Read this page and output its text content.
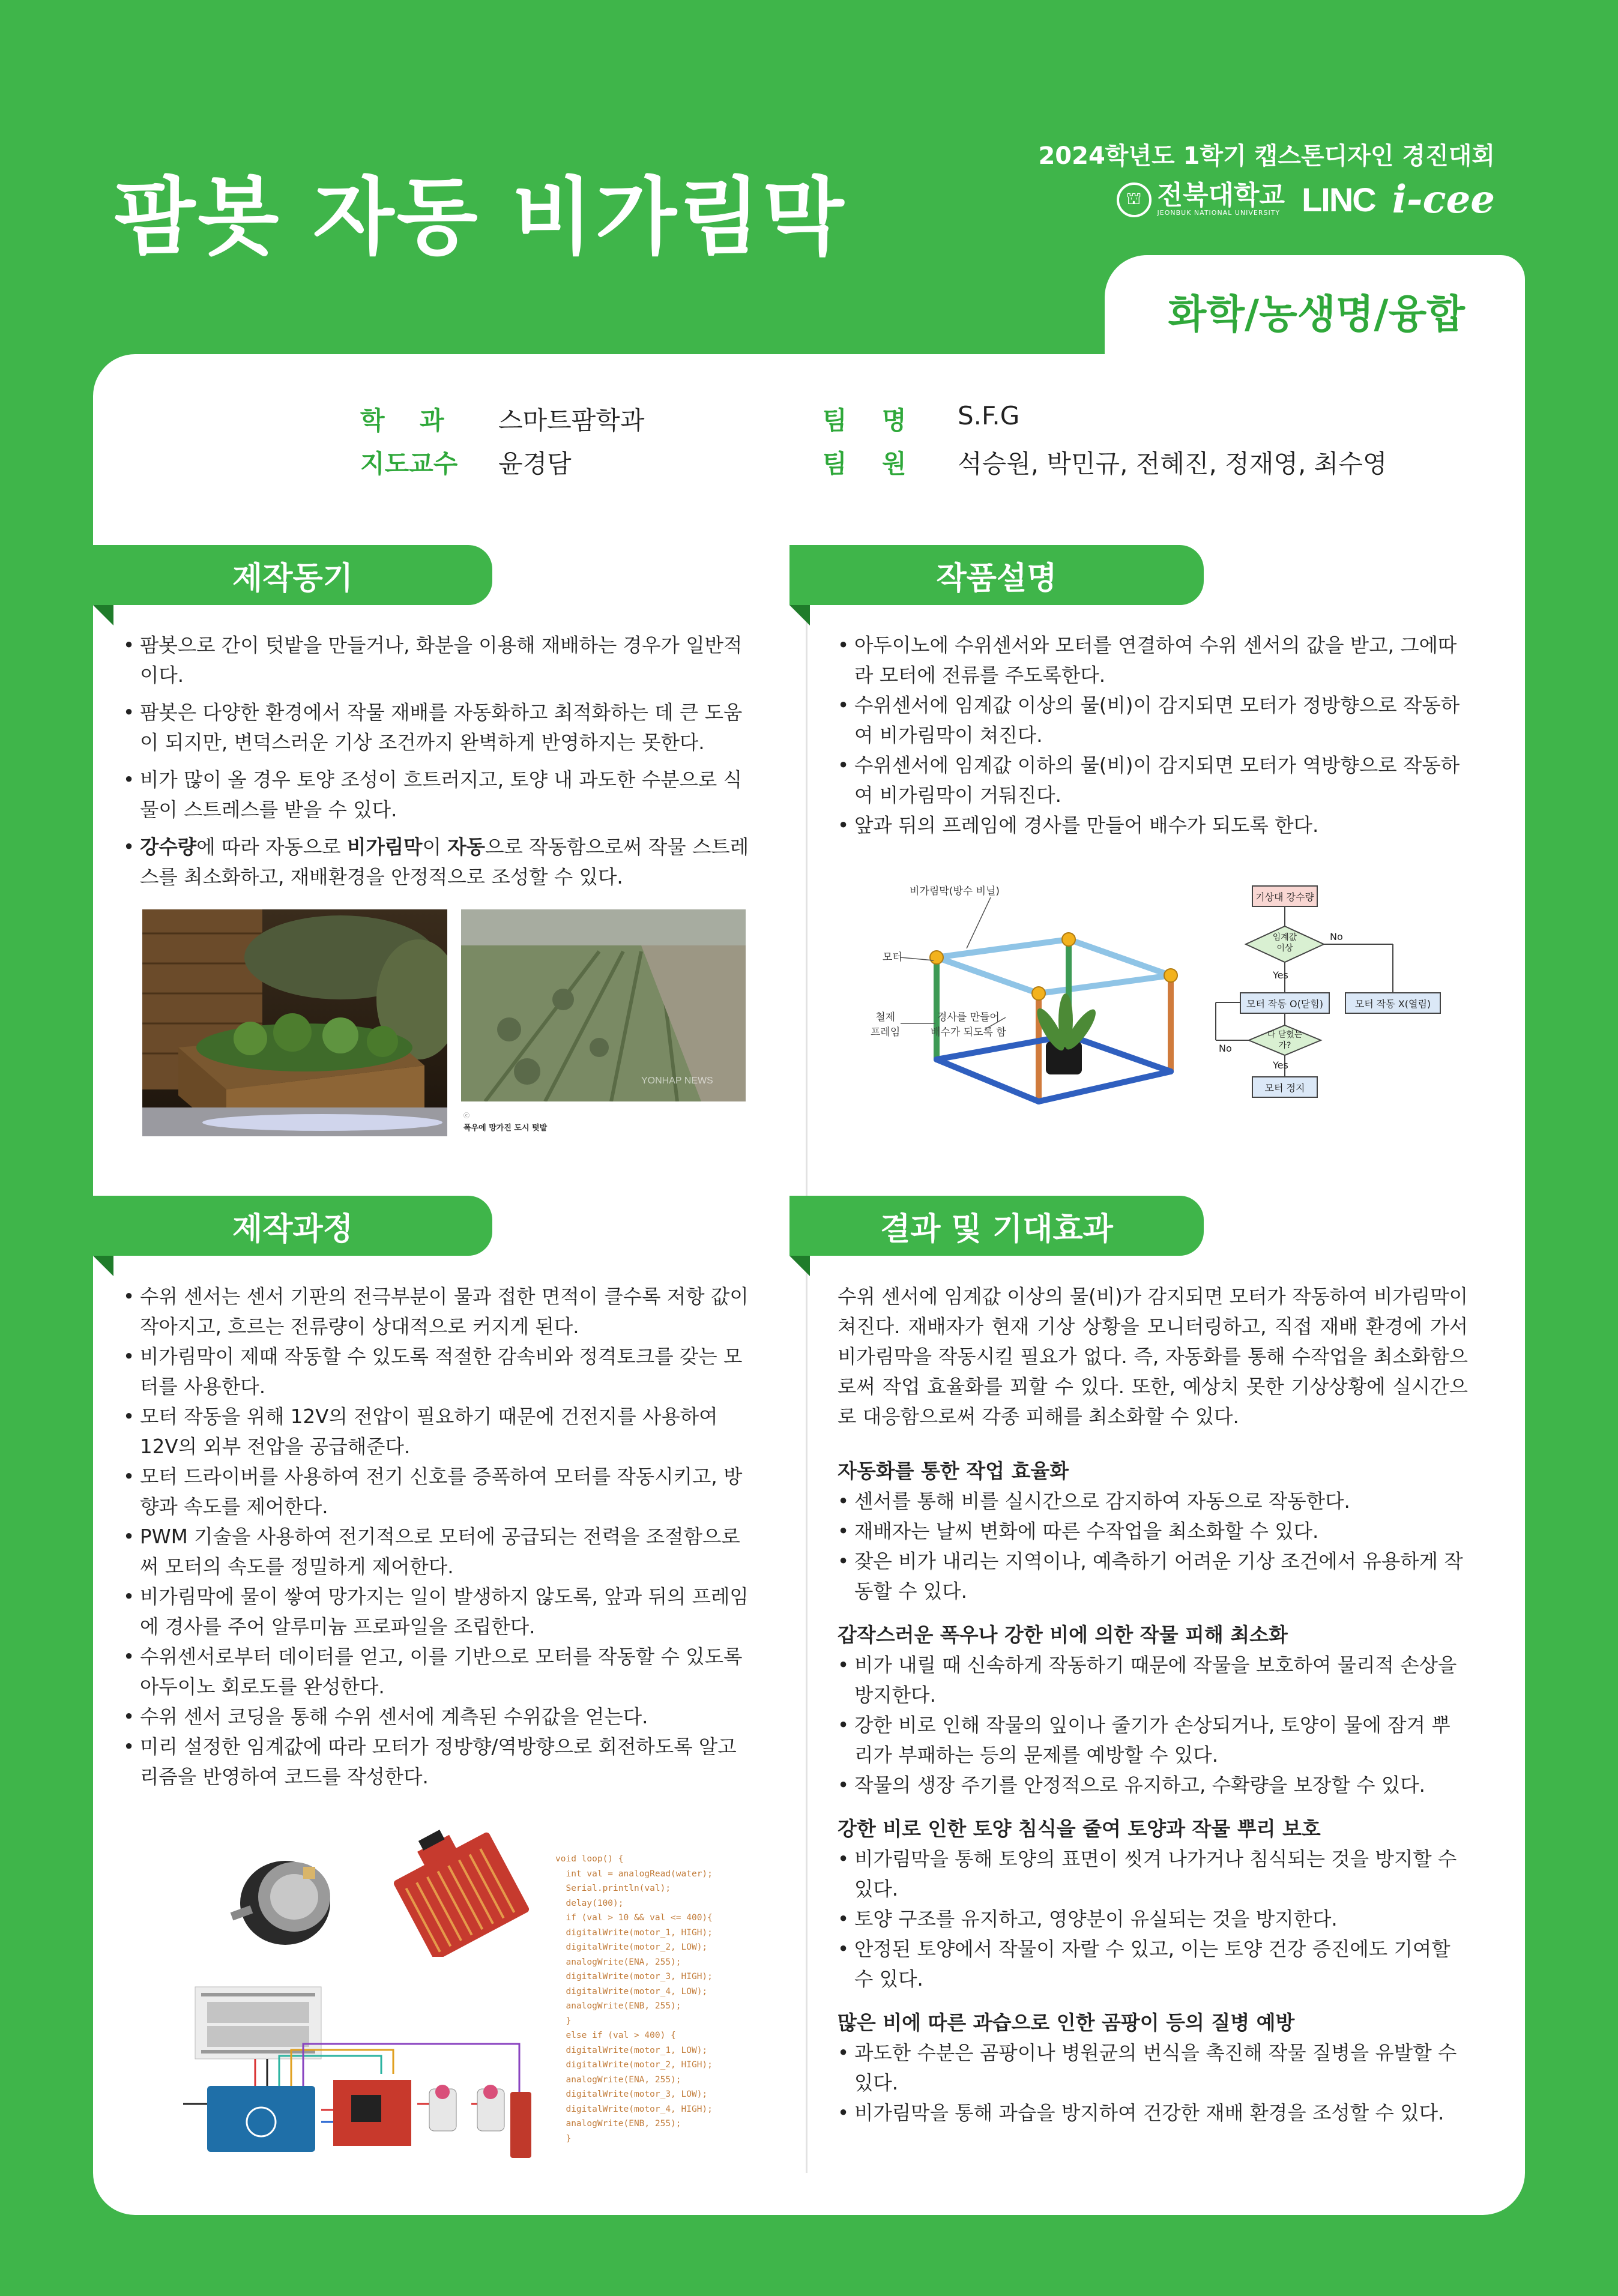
팜봇 자동 비가림막
2024학년도 1학기 캡스톤디자인 경진대회
⛫ 전북대학교
JEONBUK NATIONAL UNIVERSITY LINC i-cee
화학/농생명/융합
학    과	스마트팜학과
지도교수 윤경담
팀    명 S.F.G
팀    원 석승원, 박민규, 전혜진, 정재영, 최수영
제작동기
• 팜봇으로 간이 텃밭을 만들거나, 화분을 이용해 재배하는 경우가 일반적이다.
• 팜봇은 다양한 환경에서 작물 재배를 자동화하고 최적화하는 데 큰 도움이 되지만, 변덕스러운 기상 조건까지 완벽하게 반영하지는 못한다.
• 비가 많이 올 경우 토양 조성이 흐트러지고, 토양 내 과도한 수분으로 식물이 스트레스를 받을 수 있다.
• 강수량에 따라 자동으로 비가림막이 자동으로 작동함으로써 작물 스트레스를 최소화하고, 재배환경을 안정적으로 조성할 수 있다.
YONHAP NEWS
ⓒ
폭우에 망가진 도시 텃밭
작품설명
• 아두이노에 수위센서와 모터를 연결하여 수위 센서의 값을 받고, 그에따라 모터에 전류를 주도록한다.
• 수위센서에 임계값 이상의 물(비)이 감지되면 모터가 정방향으로 작동하여 비가림막이 쳐진다.
• 수위센서에 임계값 이하의 물(비)이 감지되면 모터가 역방향으로 작동하여 비가림막이 거둬진다.
• 앞과 뒤의 프레임에 경사를 만들어 배수가 되도록 한다.
비가림막(방수 비닐)
모터
철제
프레임
경사를 만들어
배수가 되도록 함
기상대 강수량
임계값
이상
No
Yes
모터 작동 O(닫힘)	모터 작동 X(열림)
다 닫혔는
가?
No
Yes
모터 정지
제작과정
• 수위 센서는 센서 기판의 전극부분이 물과 접한 면적이 클수록 저항 값이 작아지고, 흐르는 전류량이 상대적으로 커지게 된다.
• 비가림막이 제때 작동할 수 있도록 적절한 감속비와 정격토크를 갖는 모터를 사용한다.
• 모터 작동을 위해 12V의 전압이 필요하기 때문에 건전지를 사용하여 12V의 외부 전압을 공급해준다.
• 모터 드라이버를 사용하여 전기 신호를 증폭하여 모터를 작동시키고, 방향과 속도를 제어한다.
• PWM 기술을 사용하여 전기적으로 모터에 공급되는 전력을 조절함으로써 모터의 속도를 정밀하게 제어한다.
• 비가림막에 물이 쌓여 망가지는 일이 발생하지 않도록, 앞과 뒤의 프레임에 경사를 주어 알루미늄 프로파일을 조립한다.
• 수위센서로부터 데이터를 얻고, 이를 기반으로 모터를 작동할 수 있도록 아두이노 회로도를 완성한다.
• 수위 센서 코딩을 통해 수위 센서에 계측된 수위값을 얻는다.
• 미리 설정한 임계값에 따라 모터가 정방향/역방향으로 회전하도록 알고리즘을 반영하여 코드를 작성한다.
void loop() {
int val = analogRead(water);
Serial.println(val);
delay(100);
if (val > 10 && val <= 400){
digitalWrite(motor_1, HIGH);
digitalWrite(motor_2, LOW);
analogWrite(ENA, 255);
digitalWrite(motor_3, HIGH);
digitalWrite(motor_4, LOW);
analogWrite(ENB, 255);
}
else if (val > 400) {
digitalWrite(motor_1, LOW);
digitalWrite(motor_2, HIGH);
analogWrite(ENA, 255);
digitalWrite(motor_3, LOW);
digitalWrite(motor_4, HIGH);
analogWrite(ENB, 255);
}
결과 및 기대효과
수위 센서에 임계값 이상의 물(비)가 감지되면 모터가 작동하여 비가림막이 쳐진다. 재배자가 현재 기상 상황을 모니터링하고, 직접 재배 환경에 가서 비가림막을 작동시킬 필요가 없다. 즉, 자동화를 통해 수작업을 최소화함으로써 작업 효율화를 꾀할 수 있다. 또한, 예상치 못한 기상상황에 실시간으로 대응함으로써 각종 피해를 최소화할 수 있다.
자동화를 통한 작업 효율화
• 센서를 통해 비를 실시간으로 감지하여 자동으로 작동한다.
• 재배자는 날씨 변화에 따른 수작업을 최소화할 수 있다.
• 잦은 비가 내리는 지역이나, 예측하기 어려운 기상 조건에서 유용하게 작동할 수 있다.
갑작스러운 폭우나 강한 비에 의한 작물 피해 최소화
• 비가 내릴 때 신속하게 작동하기 때문에 작물을 보호하여 물리적 손상을 방지한다.
• 강한 비로 인해 작물의 잎이나 줄기가 손상되거나, 토양이 물에 잠겨 뿌리가 부패하는 등의 문제를 예방할 수 있다.
• 작물의 생장 주기를 안정적으로 유지하고, 수확량을 보장할 수 있다.
강한 비로 인한 토양 침식을 줄여 토양과 작물 뿌리 보호
• 비가림막을 통해 토양의 표면이 씻겨 나가거나 침식되는 것을 방지할 수 있다.
• 토양 구조를 유지하고, 영양분이 유실되는 것을 방지한다.
• 안정된 토양에서 작물이 자랄 수 있고, 이는 토양 건강 증진에도 기여할 수 있다.
많은 비에 따른 과습으로 인한 곰팡이 등의 질병 예방
• 과도한 수분은 곰팡이나 병원균의 번식을 촉진해 작물 질병을 유발할 수 있다.
• 비가림막을 통해 과습을 방지하여 건강한 재배 환경을 조성할 수 있다.
